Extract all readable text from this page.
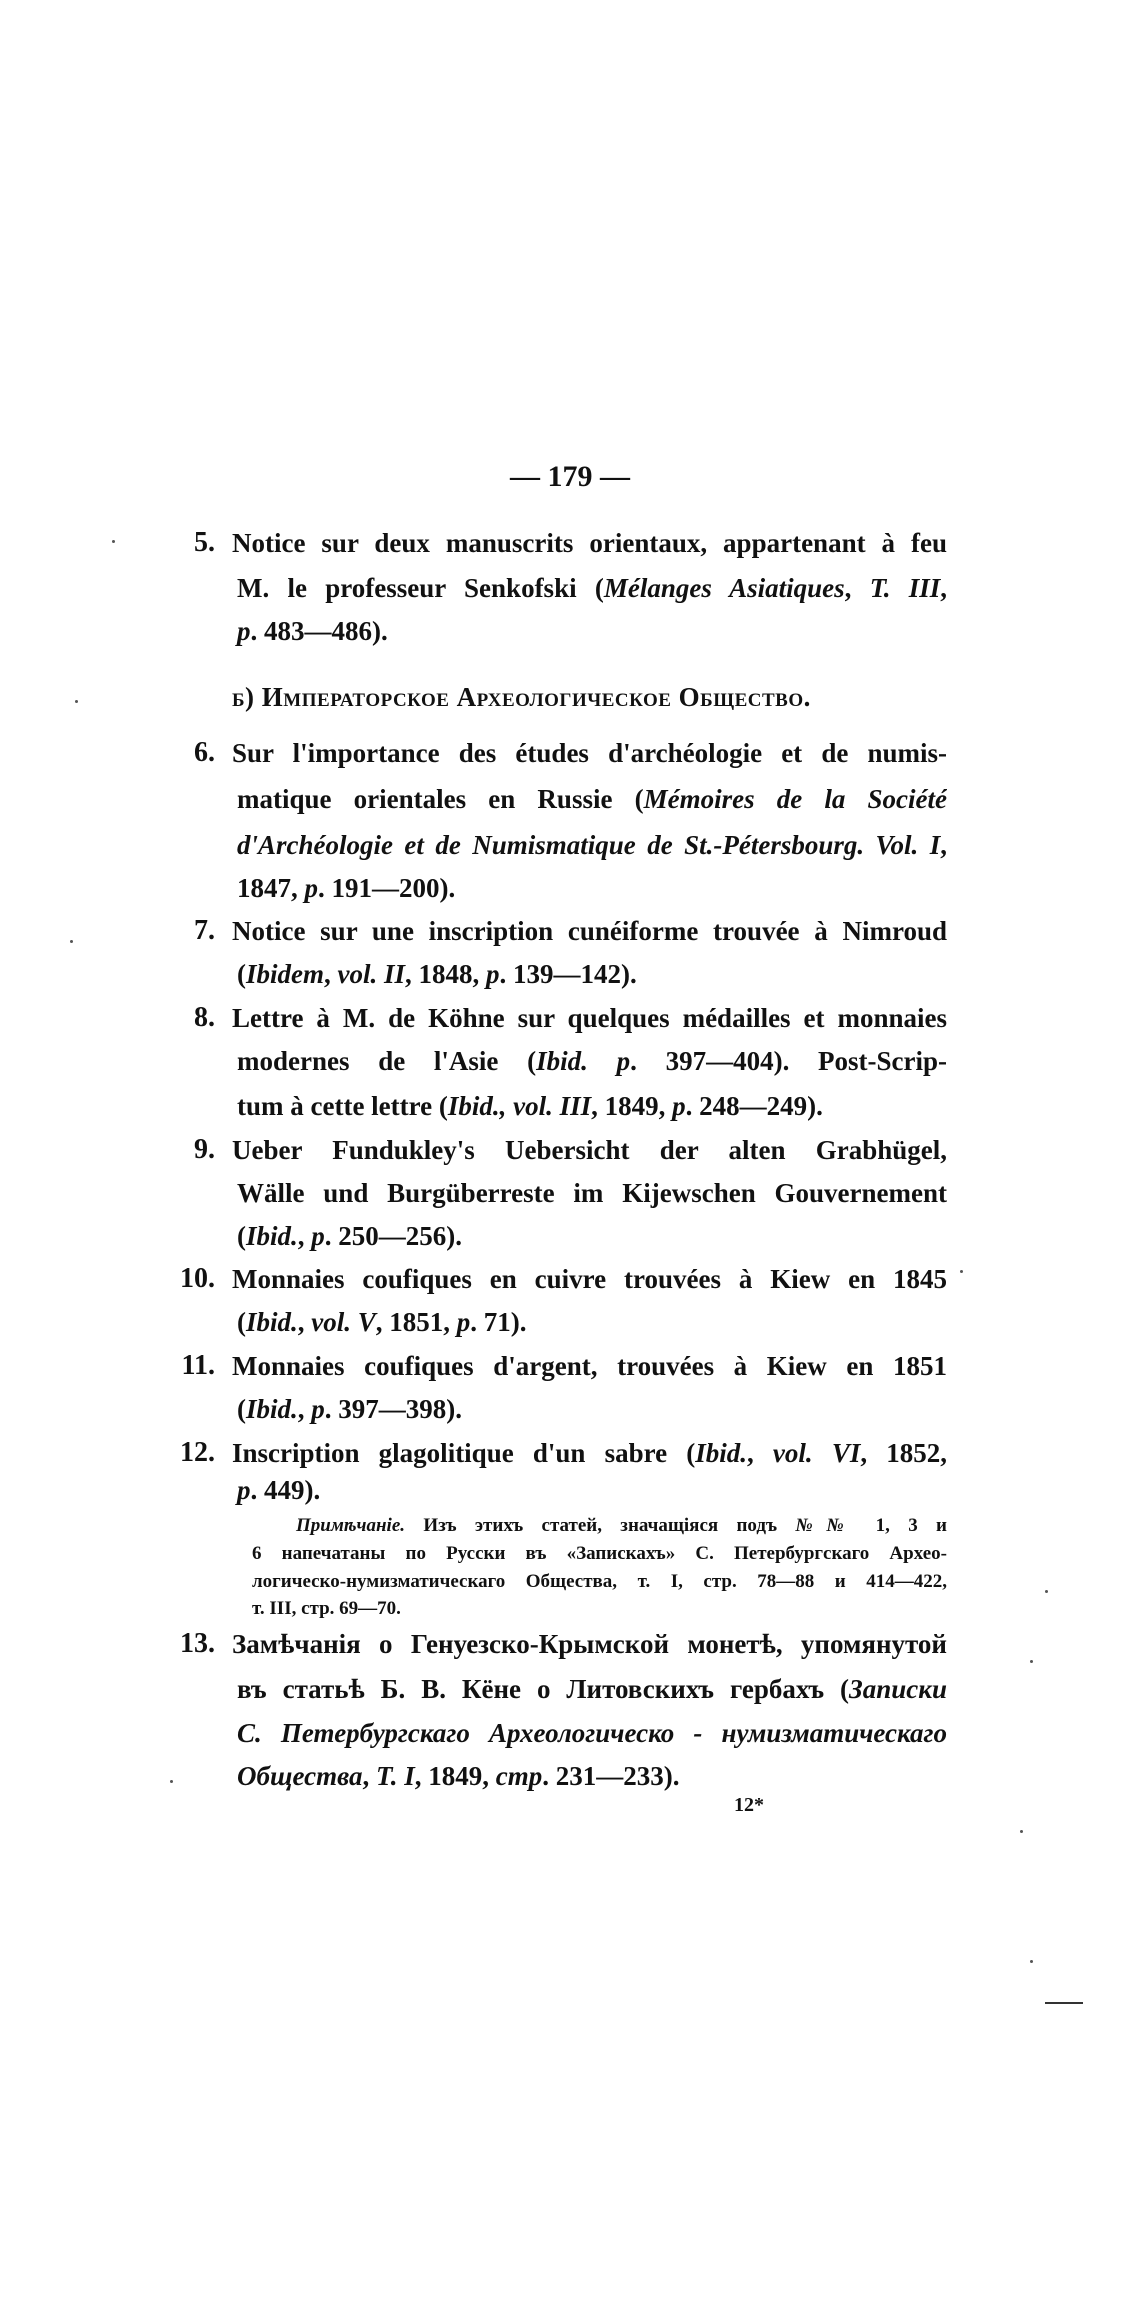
— 179 —
5. Notice sur deux manuscrits orientaux, appartenant à feu
M. le professeur Senkofski (Mélanges Asiatiques, T. III,
p. 483—486).
б) Императорское Археологическое Общество.
6. Sur l'importance des études d'archéologie et de numis-
matique orientales en Russie (Mémoires de la Société
d'Archéologie et de Numismatique de St.-Pétersbourg. Vol. I,
1847, p. 191—200).
7. Notice sur une inscription cunéiforme trouvée à Nimroud
(Ibidem, vol. II, 1848, p. 139—142).
8. Lettre à M. de Köhne sur quelques médailles et monnaies
modernes de l'Asie (Ibid. p. 397—404). Post-Scrip-
tum à cette lettre (Ibid., vol. III, 1849, p. 248—249).
9. Ueber Fundukley's Uebersicht der alten Grabhügel,
Wälle und Burgüberreste im Kijewschen Gouvernement
(Ibid., p. 250—256).
10. Monnaies coufiques en cuivre trouvées à Kiew en 1845
(Ibid., vol. V, 1851, p. 71).
11. Monnaies coufiques d'argent, trouvées à Kiew en 1851
(Ibid., p. 397—398).
12. Inscription glagolitique d'un sabre (Ibid., vol. VI, 1852,
p. 449).
Примѣчаніе. Изъ этихъ статей, значащіяся подъ №№ 1, 3 и
6 напечатаны по Русски въ «Запискахъ» С. Петербургскаго Архео-
логическо-нумизматическаго Общества, т. I, стр. 78—88 и 414—422,
т. III, стр. 69—70.
13. Замѣчанія о Генуезско-Крымской монетѣ, упомянутой
въ статьѣ Б. В. Кёне о Литовскихъ гербахъ (Записки
С. Петербургскаго Археологическо - нумизматическаго
Общества, Т. I, 1849, стр. 231—233).
12*
